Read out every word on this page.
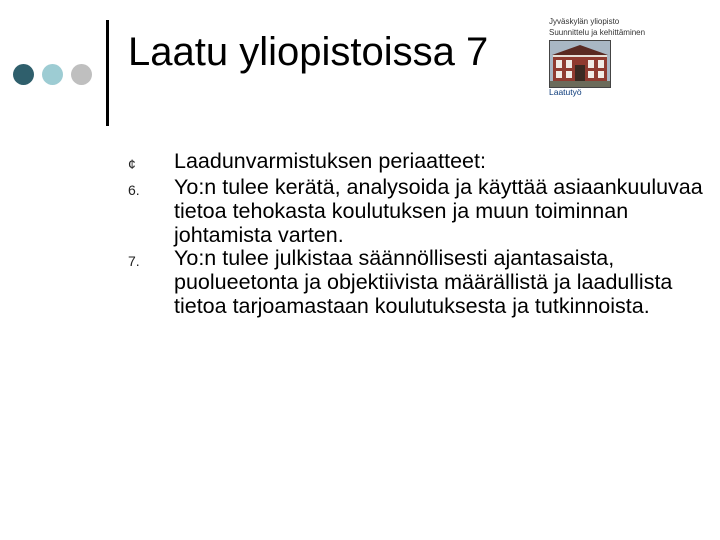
Laatu yliopistoissa 7
Jyväskylän yliopisto
Suunnittelu ja kehittäminen
Laatutyö
¢	Laadunvarmistuksen periaatteet:
6.	Yo:n tulee kerätä, analysoida ja käyttää asiaankuuluvaa tietoa tehokasta koulutuksen ja muun toiminnan johtamista varten.
7.	Yo:n tulee julkistaa säännöllisesti ajantasaista, puolueetonta ja objektiivista määrällistä ja laadullista tietoa tarjoamastaan koulutuksesta ja tutkinnoista.
